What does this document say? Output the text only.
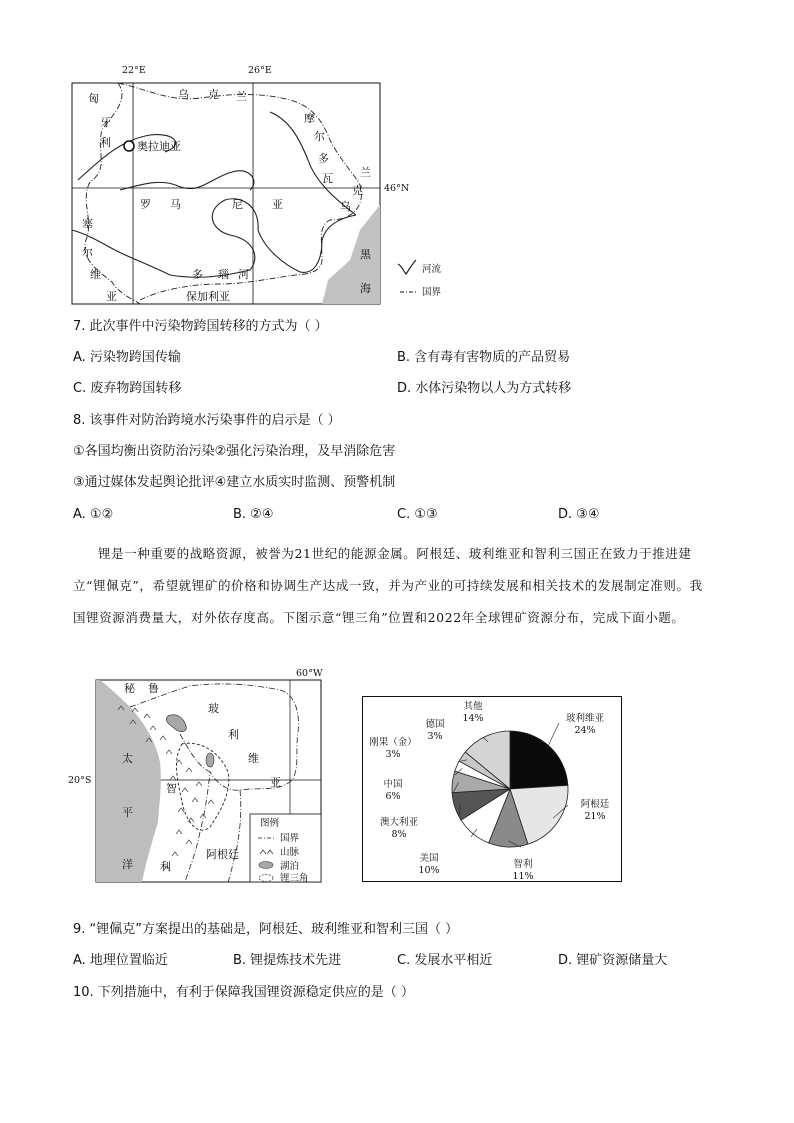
22°E	26°E
46°N
奥拉迪亚
匈
牙
利
乌 克 兰
摩
尔
多
瓦 兰
克
乌
塞
尔
维
亚
罗 马	尼	亚
多 瑙 河
保加利亚
黑
海
河流
国界
7. 此次事件中污染物跨国转移的方式为（ ）
A. 污染物跨国传输	B. 含有毒有害物质的产品贸易
C. 废弃物跨国转移	D. 水体污染物以人为方式转移
8. 该事件对防治跨境水污染事件的启示是（ ）
①各国均衡出资防治污染②强化污染治理，及早消除危害
③通过媒体发起舆论批评④建立水质实时监测、预警机制
A. ①②	B. ②④	C. ①③	D. ③④
锂是一种重要的战略资源，被誉为21世纪的能源金属。阿根廷、玻利维亚和智利三国正在致力于推进建立“锂佩克”，希望就锂矿的价格和协调生产达成一致，并为产业的可持续发展和相关技术的发展制定准则。我国锂资源消费量大，对外依存度高。下图示意“锂三角”位置和2022年全球锂矿资源分布，完成下面小题。
60°W
20°S
秘 鲁
玻
利
维
亚
太
平
洋
智
利
阿根廷
图例
国界
山脉
湖泊
锂三角
玻利维亚
24%
阿根廷
21%
智利
11%
美国
10%
澳大利亚
8%
中国
6%
刚果（金）
3%
德国
3%
其他
14%
9. “锂佩克”方案提出的基础是，阿根廷、玻利维亚和智利三国（ ）
A. 地理位置临近	B. 锂提炼技术先进	C. 发展水平相近	D. 锂矿资源储量大
10. 下列措施中，有利于保障我国锂资源稳定供应的是（ ）
